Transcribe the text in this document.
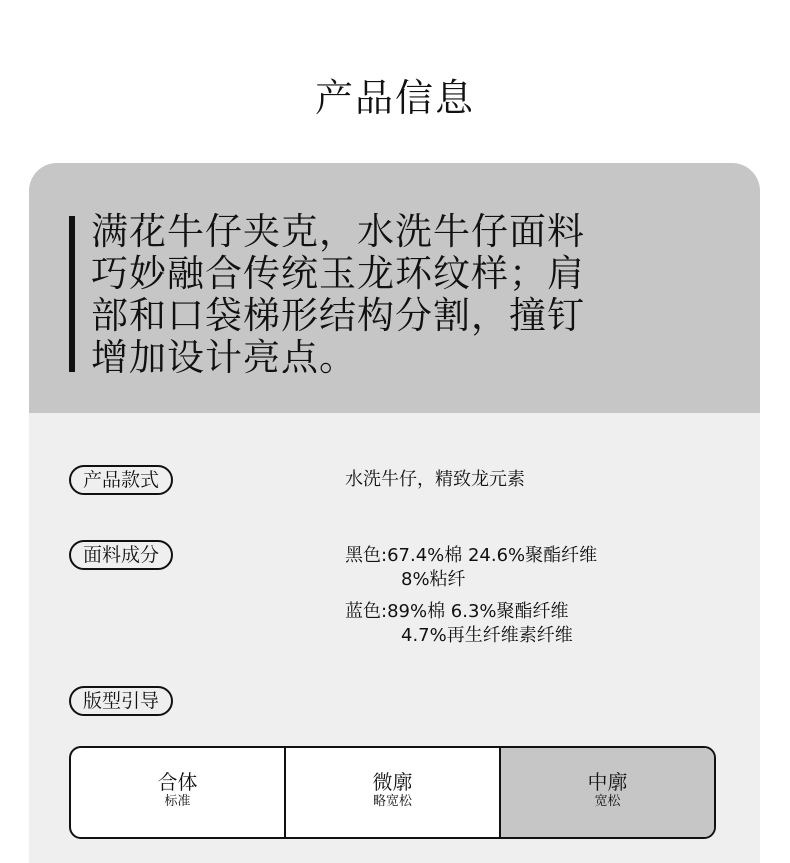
产品信息
满花牛仔夹克，水洗牛仔面料
巧妙融合传统玉龙环纹样；肩
部和口袋梯形结构分割，撞钉
增加设计亮点。
产品款式	水洗牛仔，精致龙元素
面料成分	黑色:67.4%棉 24.6%聚酯纤维
8%粘纤
蓝色:89%棉 6.3%聚酯纤维
4.7%再生纤维素纤维
版型引导
合体
标准
微廓
略宽松
中廓
宽松
